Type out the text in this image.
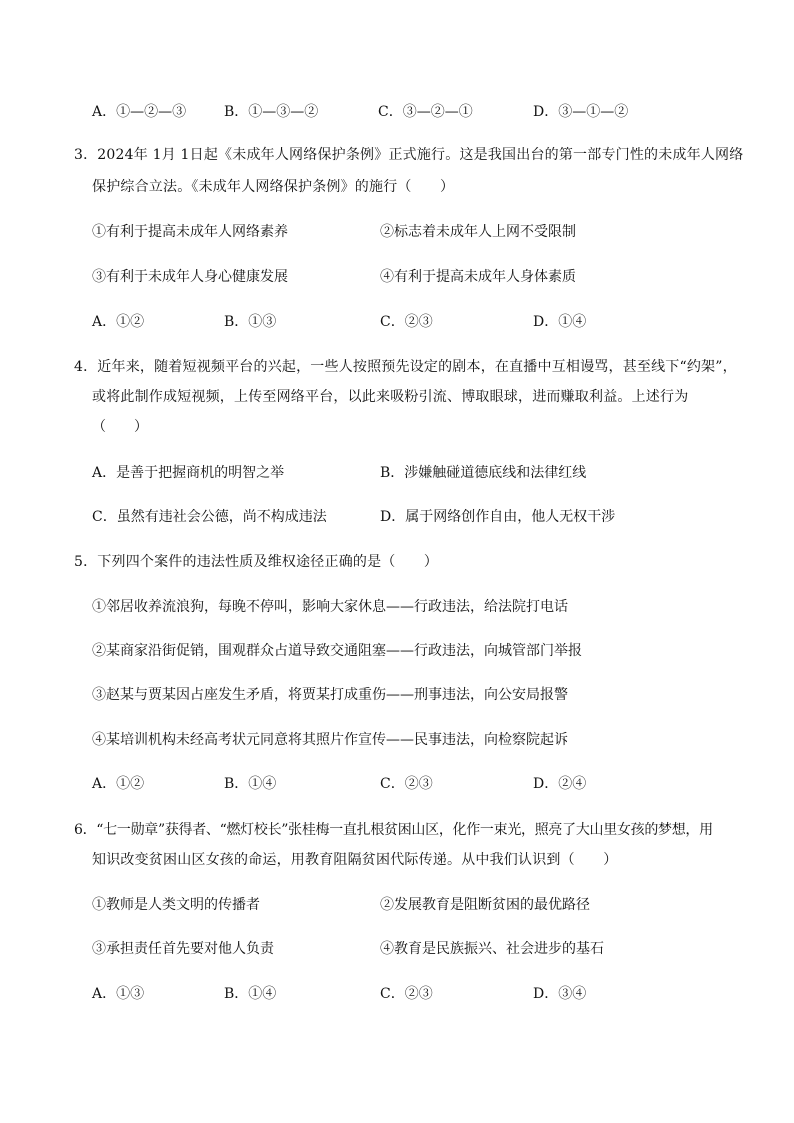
A．①—②—③	B．①—③—②	C．③—②—①	D．③—①—②
3．2024年 1月 1日起《未成年人网络保护条例》正式施行。这是我国出台的第一部专门性的未成年人网络
保护综合立法。《未成年人网络保护条例》的施行（　　）
①有利于提高未成年人网络素养	②标志着未成年人上网不受限制
③有利于未成年人身心健康发展	④有利于提高未成年人身体素质
A．①②	B．①③	C．②③	D．①④
4．近年来，随着短视频平台的兴起，一些人按照预先设定的剧本，在直播中互相谩骂，甚至线下“约架”，
或将此制作成短视频，上传至网络平台，以此来吸粉引流、博取眼球，进而赚取利益。上述行为
（　　）
A．是善于把握商机的明智之举	B．涉嫌触碰道德底线和法律红线
C．虽然有违社会公德，尚不构成违法	D．属于网络创作自由，他人无权干涉
5．下列四个案件的违法性质及维权途径正确的是（　　）
①邻居收养流浪狗，每晚不停叫，影响大家休息——行政违法，给法院打电话
②某商家沿街促销，围观群众占道导致交通阻塞——行政违法，向城管部门举报
③赵某与贾某因占座发生矛盾，将贾某打成重伤——刑事违法，向公安局报警
④某培训机构未经高考状元同意将其照片作宣传——民事违法，向检察院起诉
A．①②	B．①④	C．②③	D．②④
6．“七一勋章”获得者、“燃灯校长”张桂梅一直扎根贫困山区，化作一束光，照亮了大山里女孩的梦想，用
知识改变贫困山区女孩的命运，用教育阻隔贫困代际传递。从中我们认识到（　　）
①教师是人类文明的传播者	②发展教育是阻断贫困的最优路径
③承担责任首先要对他人负责	④教育是民族振兴、社会进步的基石
A．①③	B．①④	C．②③	D．③④
